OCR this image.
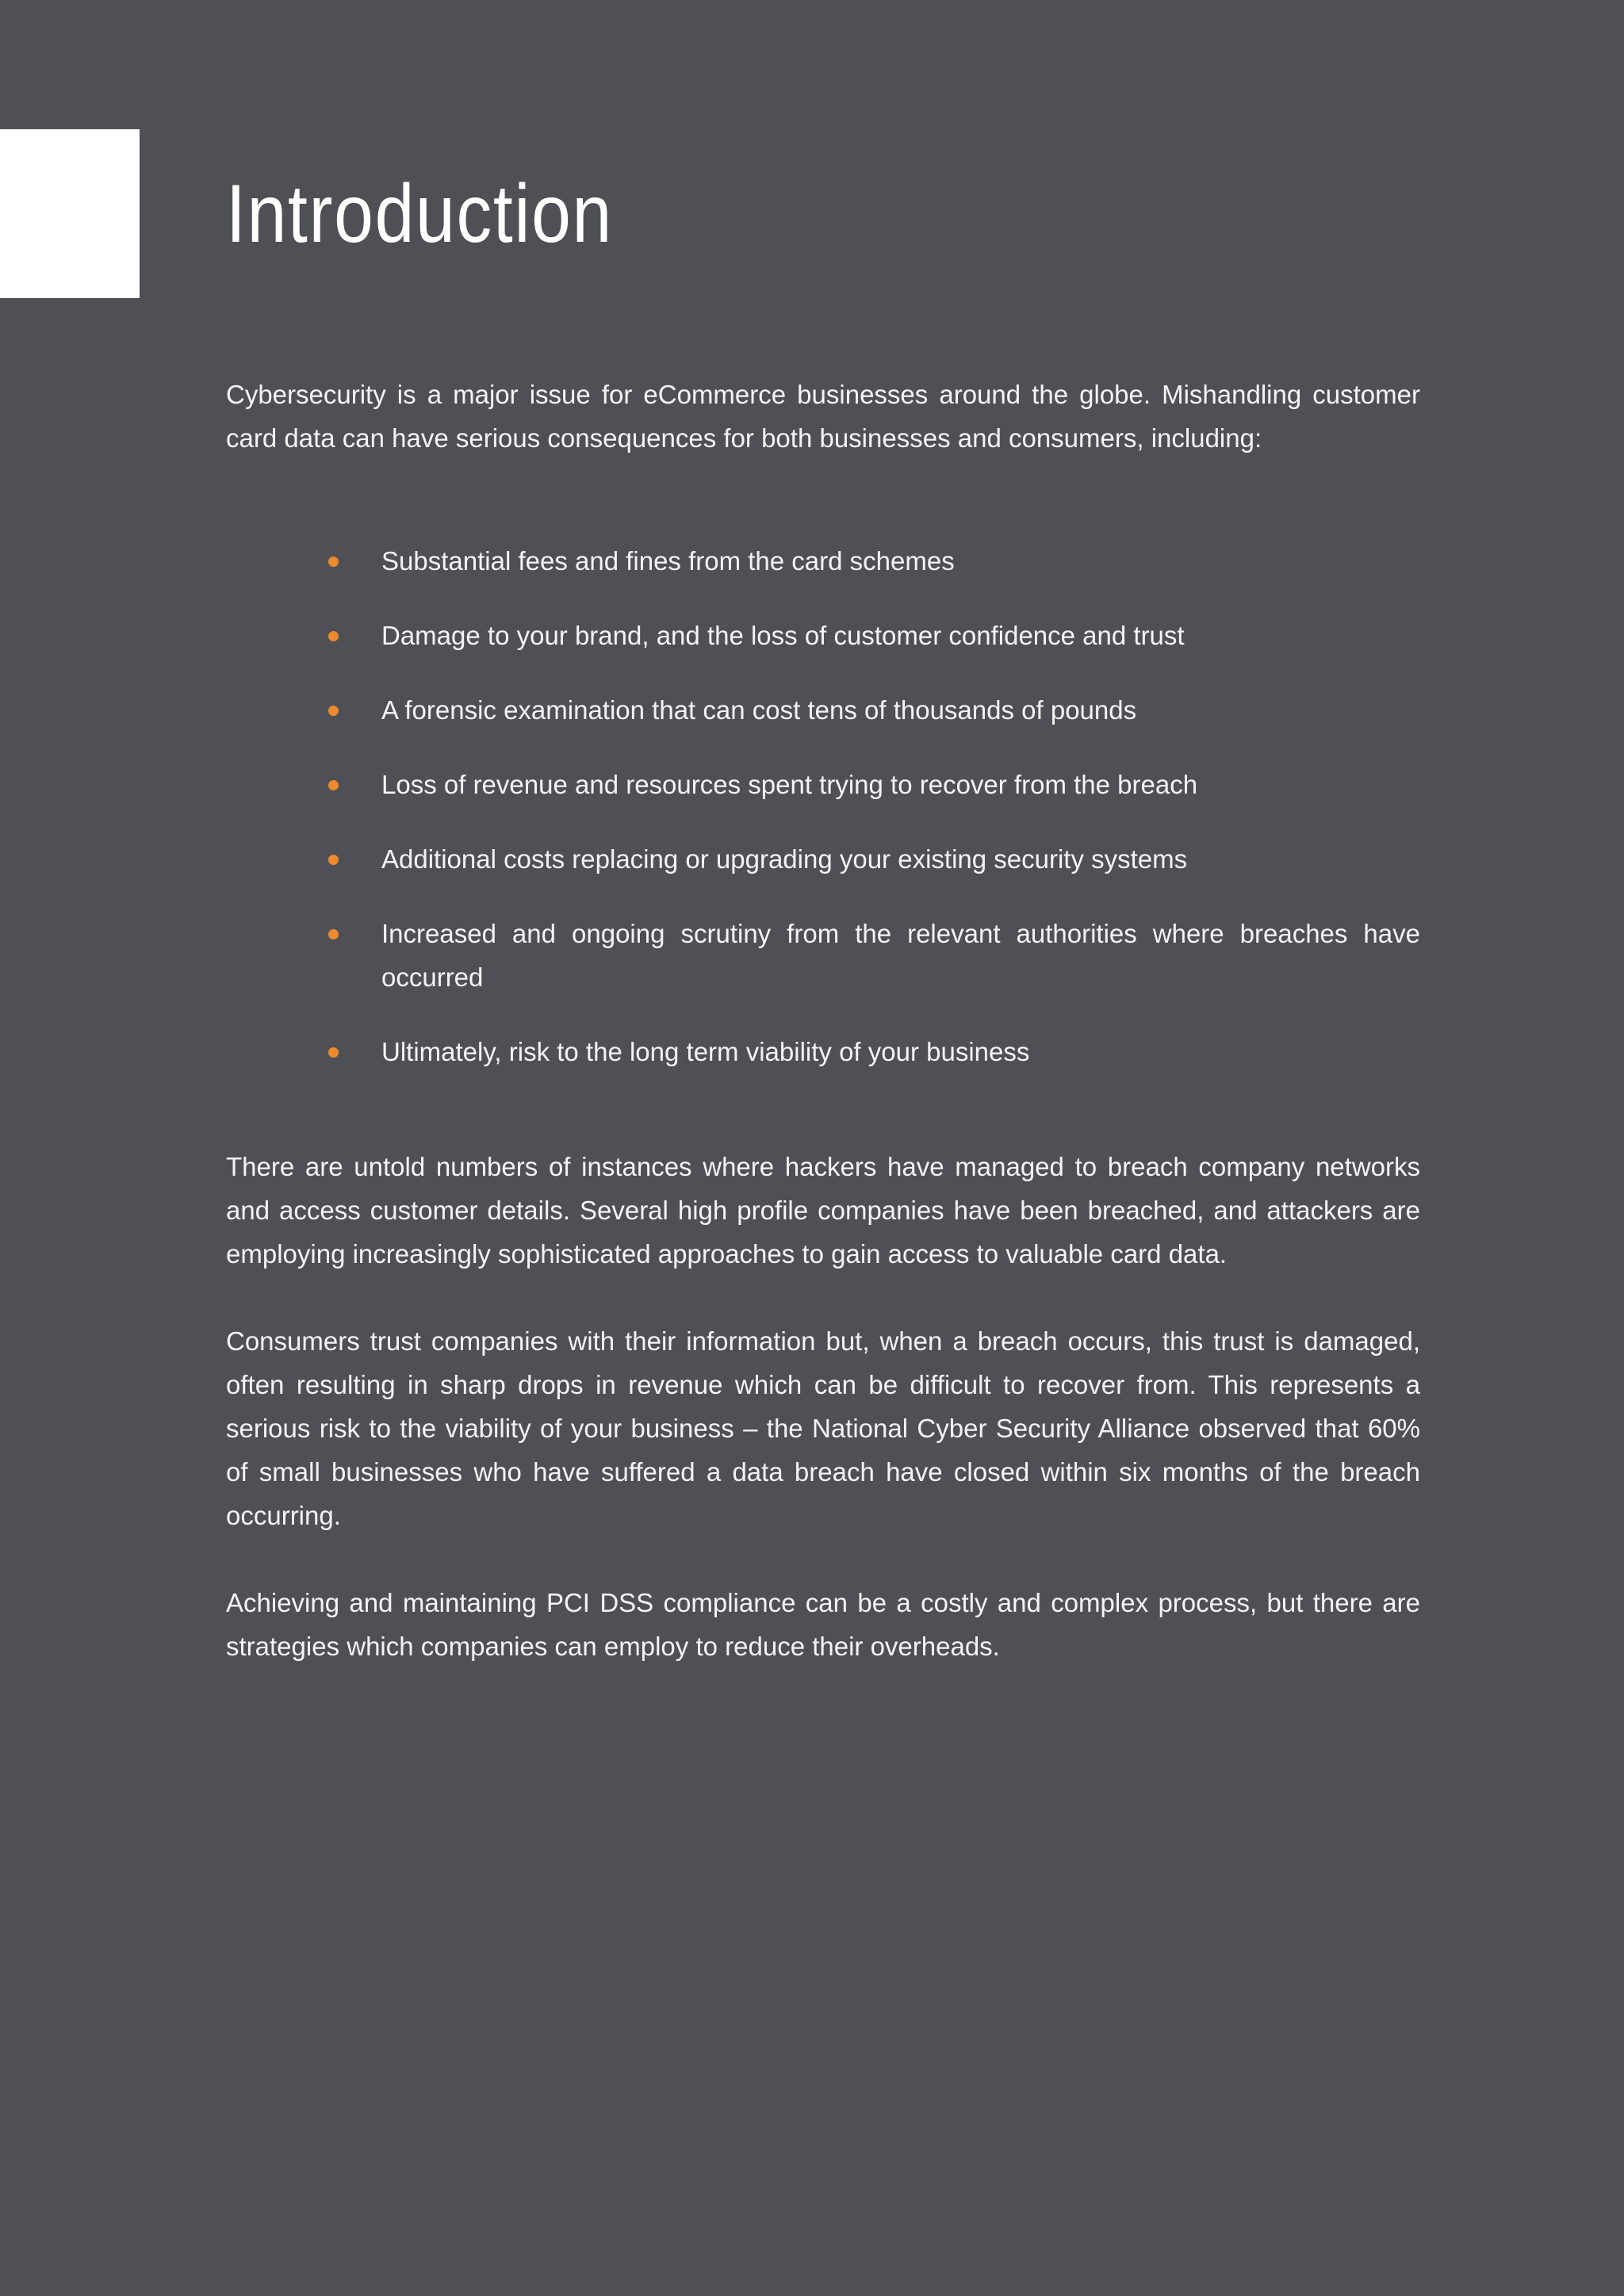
Introduction

Cybersecurity is a major issue for eCommerce businesses around the globe. Mishandling customer card data can have serious consequences for both businesses and consumers, including:

Substantial fees and fines from the card schemes
Damage to your brand, and the loss of customer confidence and trust
A forensic examination that can cost tens of thousands of pounds
Loss of revenue and resources spent trying to recover from the breach
Additional costs replacing or upgrading your existing security systems
Increased and ongoing scrutiny from the relevant authorities where breaches have occurred
Ultimately, risk to the long term viability of your business

There are untold numbers of instances where hackers have managed to breach company networks and access customer details. Several high profile companies have been breached, and attackers are employing increasingly sophisticated approaches to gain access to valuable card data.

Consumers trust companies with their information but, when a breach occurs, this trust is damaged, often resulting in sharp drops in revenue which can be difficult to recover from. This represents a serious risk to the viability of your business – the National Cyber Security Alliance observed that 60% of small businesses who have suffered a data breach have closed within six months of the breach occurring.

Achieving and maintaining PCI DSS compliance can be a costly and complex process, but there are strategies which companies can employ to reduce their overheads.
